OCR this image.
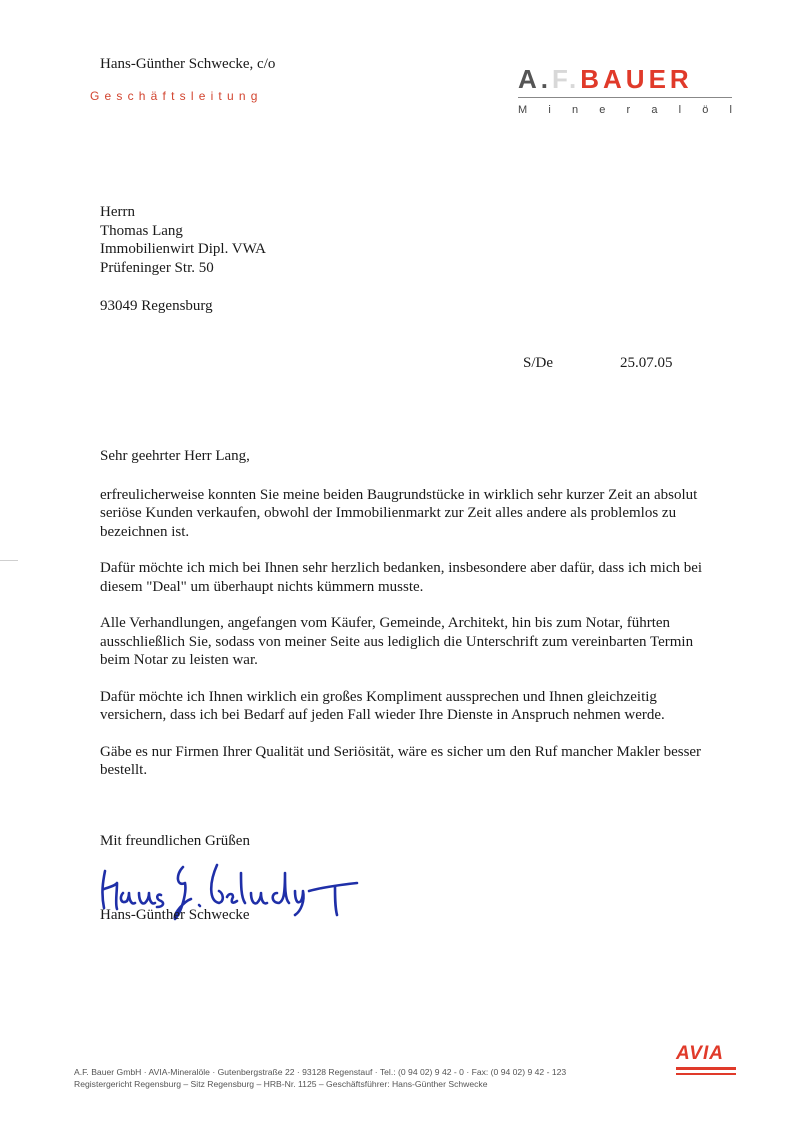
Hans-Günther Schwecke, c/o
Geschäftsleitung
A.F.BAUER
M i n e r a l ö l
Herrn
Thomas Lang
Immobilienwirt Dipl. VWA
Prüfeninger Str. 50
93049 Regensburg
S/De	25.07.05

Sehr geehrter Herr Lang,

erfreulicherweise konnten Sie meine beiden Baugrundstücke in wirklich sehr kurzer Zeit an absolut seriöse Kunden verkaufen, obwohl der Immobilienmarkt zur Zeit alles andere als problemlos zu bezeichnen ist.

Dafür möchte ich mich bei Ihnen sehr herzlich bedanken, insbesondere aber dafür, dass ich mich bei diesem "Deal" um überhaupt nichts kümmern musste.

Alle Verhandlungen, angefangen vom Käufer, Gemeinde, Architekt, hin bis zum Notar, führten ausschließlich Sie, sodass von meiner Seite aus lediglich die Unterschrift zum vereinbarten Termin beim Notar zu leisten war.

Dafür möchte ich Ihnen wirklich ein großes Kompliment aussprechen und Ihnen gleichzeitig versichern, dass ich bei Bedarf auf jeden Fall wieder Ihre Dienste in Anspruch nehmen werde.

Gäbe es nur Firmen Ihrer Qualität und Seriösität, wäre es sicher um den Ruf mancher Makler besser bestellt.

Mit freundlichen Grüßen
Hans-Günther Schwecke
A.F. Bauer GmbH · AVIA-Mineralöle · Gutenbergstraße 22 · 93128 Regenstauf · Tel.: (0 94 02) 9 42 - 0 · Fax: (0 94 02) 9 42 - 123
Registergericht Regensburg – Sitz Regensburg – HRB-Nr. 1125 – Geschäftsführer: Hans-Günther Schwecke
AVIA
